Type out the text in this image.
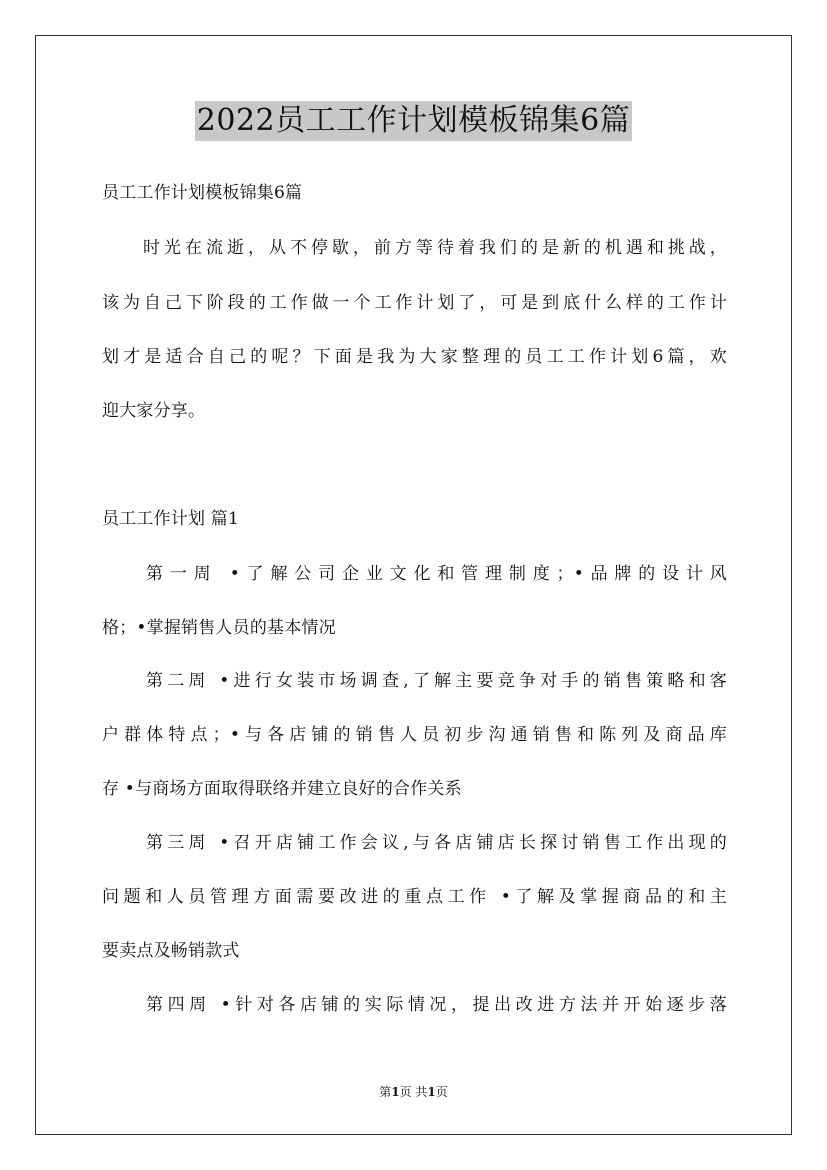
2022员工工作计划模板锦集6篇
员工工作计划模板锦集6篇
时光在流逝，从不停歇，前方等待着我们的是新的机遇和挑战，
该为自己下阶段的工作做一个工作计划了，可是到底什么样的工作计
划才是适合自己的呢？下面是我为大家整理的员工工作计划6篇，欢
迎大家分享。
员工工作计划 篇1
第一周 •了解公司企业文化和管理制度；•品牌的设计风
格；•掌握销售人员的基本情况
第二周 •进行女装市场调查,了解主要竞争对手的销售策略和客
户群体特点；•与各店铺的销售人员初步沟通销售和陈列及商品库
存 •与商场方面取得联络并建立良好的合作关系
第三周 •召开店铺工作会议,与各店铺店长探讨销售工作出现的
问题和人员管理方面需要改进的重点工作 •了解及掌握商品的和主
要卖点及畅销款式
第四周 •针对各店铺的实际情况，提出改进方法并开始逐步落
第1页 共1页
